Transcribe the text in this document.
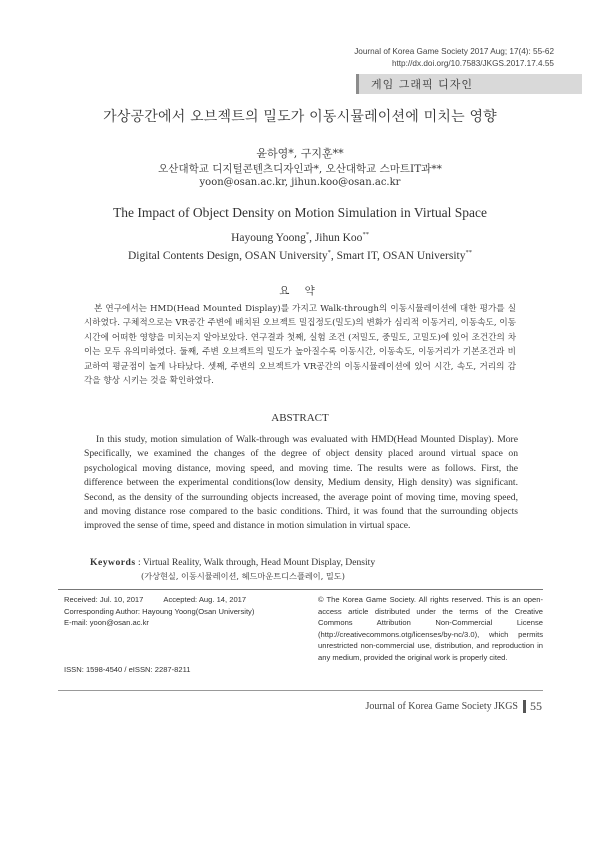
Journal of Korea Game Society 2017 Aug; 17(4): 55-62
http://dx.doi.org/10.7583/JKGS.2017.17.4.55
게임 그래픽 디자인
가상공간에서 오브젝트의 밀도가 이동시뮬레이션에 미치는 영향
윤하영*, 구지훈**
오산대학교 디지털콘텐츠디자인과*, 오산대학교 스마트IT과**
yoon@osan.ac.kr, jihun.koo@osan.ac.kr
The Impact of Object Density on Motion Simulation in Virtual Space
Hayoung Yoong*, Jihun Koo**
Digital Contents Design, OSAN University*, Smart IT, OSAN University**
요 약
본 연구에서는 HMD(Head Mounted Display)를 가지고 Walk-through의 이동시뮬레이션에 대한 평가를 실시하였다. 구체적으로는 VR공간 주변에 배치된 오브젝트 밀집정도(밀도)의 변화가 심리적 이동거리, 이동속도, 이동시간에 어떠한 영향을 미치는지 알아보았다. 연구결과 첫째, 실험 조건 (저밀도, 중밀도, 고밀도)에 있어 조건간의 차이는 모두 유의미하였다. 둘째, 주변 오브젝트의 밀도가 높아질수록 이동시간, 이동속도, 이동거리가 기본조건과 비교하여 평균점이 높게 나타났다. 셋째, 주변의 오브젝트가 VR공간의 이동시뮬레이션에 있어 시간, 속도, 거리의 감각을 향상 시키는 것을 확인하였다.
ABSTRACT
In this study, motion simulation of Walk-through was evaluated with HMD(Head Mounted Display). More Specifically, we examined the changes of the degree of object density placed around virtual space on psychological moving distance, moving speed, and moving time. The results were as follows. First, the difference between the experimental conditions(low density, Medium density, High density) was significant. Second, as the density of the surrounding objects increased, the average point of moving time, moving speed, and moving distance rose compared to the basic conditions. Third, it was found that the surrounding objects improved the sense of time, speed and distance in motion simulation in virtual space.
Keywords : Virtual Reality, Walk through, Head Mount Display, Density
(가상현실, 이동시뮬레이션, 헤드마운트디스플레이, 밀도)
Received: Jul. 10, 2017	Accepted: Aug. 14, 2017
Corresponding Author: Hayoung Yoong(Osan University)
E-mail: yoon@osan.ac.kr
ISSN: 1598-4540 / eISSN: 2287-8211
© The Korea Game Society. All rights reserved. This is an open-access article distributed under the terms of the Creative Commons Attribution Non-Commercial License (http://creativecommons.otg/licenses/by-nc/3.0), which permits unrestricted non-commercial use, distribution, and reproduction in any medium, provided the original work is properly cited.
Journal of Korea Game Society JKGS 55
